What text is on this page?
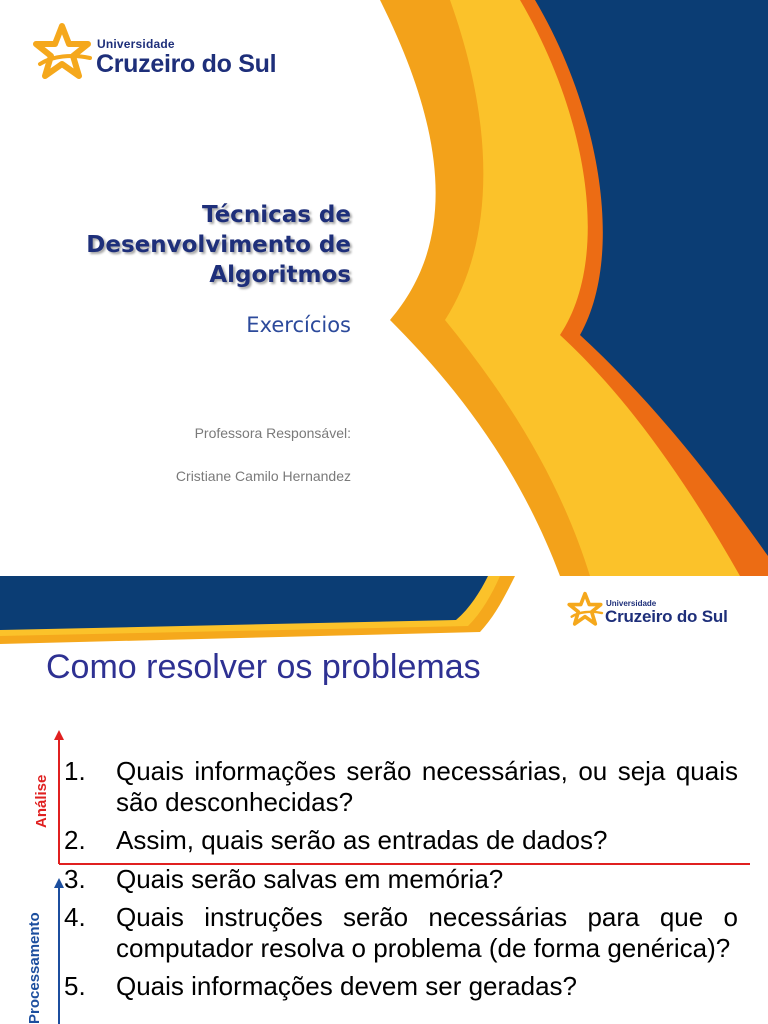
Universidade
Cruzeiro do Sul
Técnicas de
Desenvolvimento de
Algoritmos
Exercícios
Professora Responsável:
Cristiane Camilo Hernandez
Universidade
Cruzeiro do Sul
Como resolver os problemas
Análise
Processamento
1.	Quais informações serão necessárias, ou seja quais são desconhecidas?
2.	Assim, quais serão as entradas de dados?
3.	Quais serão salvas em memória?
4.	Quais instruções serão necessárias para que o computador resolva o problema (de forma genérica)?
5.	Quais informações devem ser geradas?
